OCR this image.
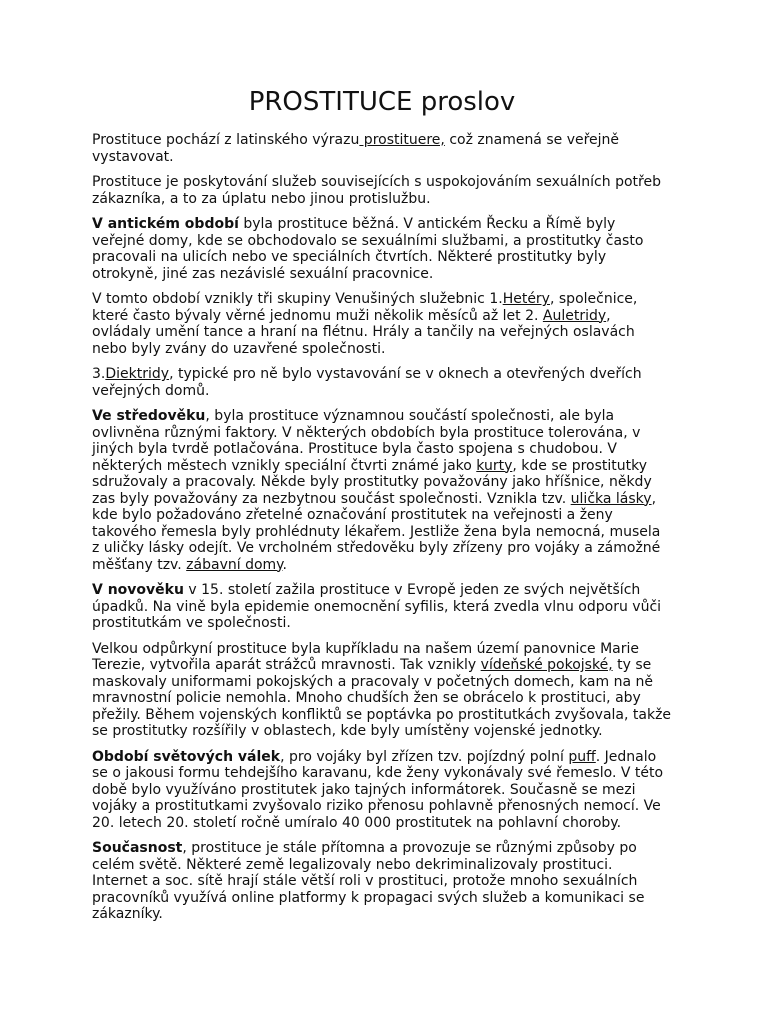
PROSTITUCE proslov

Prostituce pochází z latinského výrazu prostituere, což znamená se veřejně vystavovat.

Prostituce je poskytování služeb souvisejících s uspokojováním sexuálních potřeb zákazníka, a to za úplatu nebo jinou protislužbu.

V antickém období byla prostituce běžná. V antickém Řecku a Římě byly veřejné domy, kde se obchodovalo se sexuálními službami, a prostitutky často pracovali na ulicích nebo ve speciálních čtvrtích. Některé prostitutky byly otrokyně, jiné zas nezávislé sexuální pracovnice.

V tomto období vznikly tři skupiny Venušiných služebnic 1.Hetéry, společnice, které často bývaly věrné jednomu muži několik měsíců až let 2. Auletridy, ovládaly umění tance a hraní na flétnu. Hrály a tančily na veřejných oslavách nebo byly zvány do uzavřené společnosti.

3.Diektridy, typické pro ně bylo vystavování se v oknech a otevřených dveřích veřejných domů.

Ve středověku, byla prostituce významnou součástí společnosti, ale byla ovlivněna různými faktory. V některých obdobích byla prostituce tolerována, v jiných byla tvrdě potlačována. Prostituce byla často spojena s chudobou. V některých městech vznikly speciální čtvrti známé jako kurty, kde se prostitutky sdružovaly a pracovaly. Někde byly prostitutky považovány jako hříšnice, někdy zas byly považovány za nezbytnou součást společnosti. Vznikla tzv. ulička lásky, kde bylo požadováno zřetelné označování prostitutek na veřejnosti a ženy takového řemesla byly prohlédnuty lékařem. Jestliže žena byla nemocná, musela z uličky lásky odejít. Ve vrcholném středověku byly zřízeny pro vojáky a zámožné měšťany tzv. zábavní domy.

V novověku v 15. století zažila prostituce v Evropě jeden ze svých největších úpadků. Na vině byla epidemie onemocnění syfilis, která zvedla vlnu odporu vůči prostitutkám ve společnosti.

Velkou odpůrkyní prostituce byla kupříkladu na našem území panovnice Marie Terezie, vytvořila aparát strážců mravnosti. Tak vznikly vídeňské pokojské, ty se maskovaly uniformami pokojských a pracovaly v početných domech, kam na ně mravnostní policie nemohla. Mnoho chudších žen se obrácelo k prostituci, aby přežily. Během vojenských konfliktů se poptávka po prostitutkách zvyšovala, takže se prostitutky rozšířily v oblastech, kde byly umístěny vojenské jednotky.

Období světových válek, pro vojáky byl zřízen tzv. pojízdný polní puff. Jednalo se o jakousi formu tehdejšího karavanu, kde ženy vykonávaly své řemeslo. V této době bylo využíváno prostitutek jako tajných informátorek. Současně se mezi vojáky a prostitutkami zvyšovalo riziko přenosu pohlavně přenosných nemocí. Ve 20. letech 20. století ročně umíralo 40 000 prostitutek na pohlavní choroby.

Současnost, prostituce je stále přítomna a provozuje se různými způsoby po celém světě. Některé země legalizovaly nebo dekriminalizovaly prostituci. Internet a soc. sítě hrají stále větší roli v prostituci, protože mnoho sexuálních pracovníků využívá online platformy k propagaci svých služeb a komunikaci se zákazníky.
